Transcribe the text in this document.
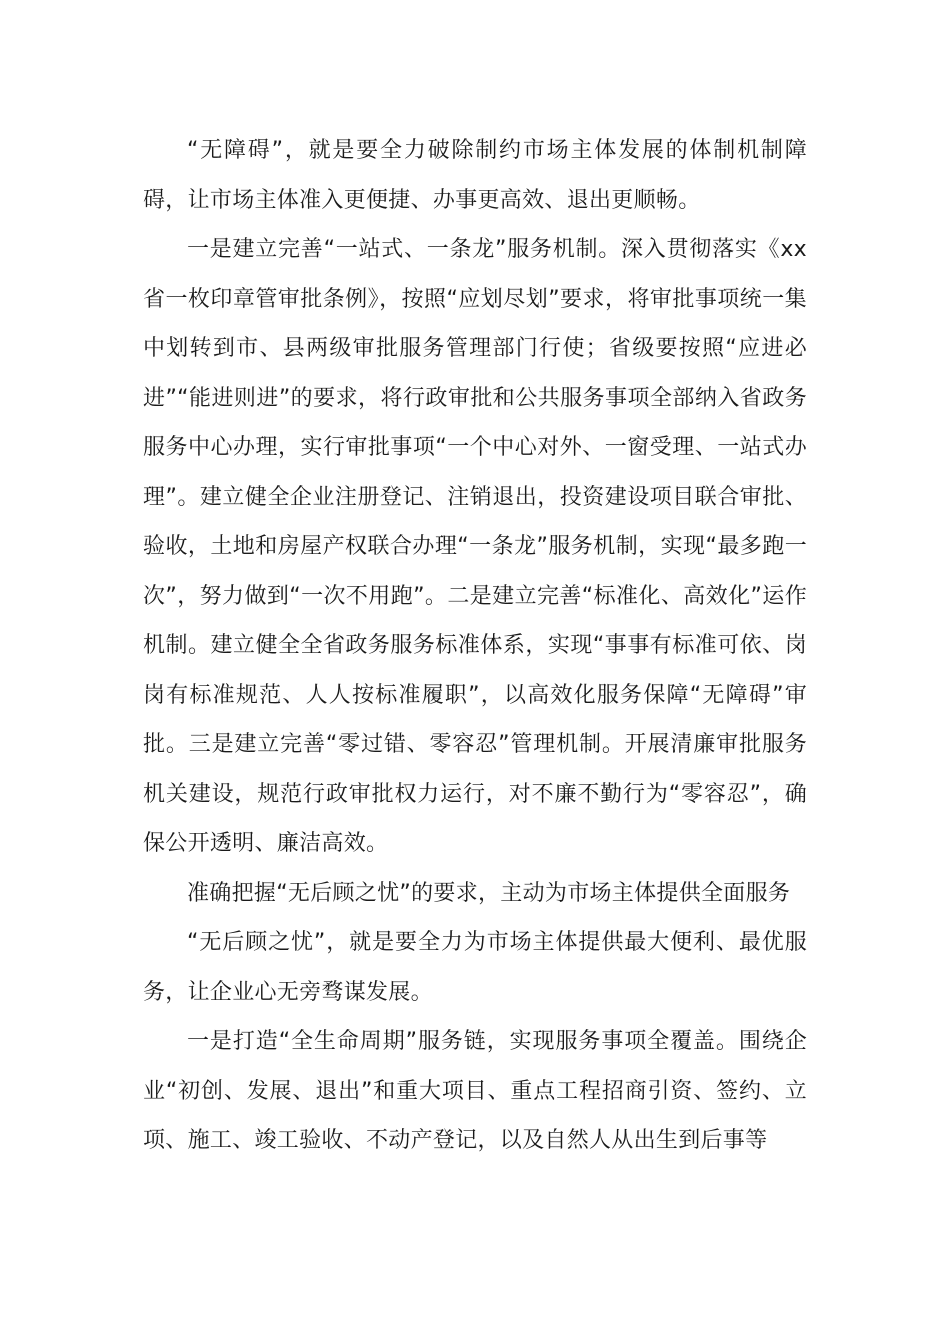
“无障碍”，就是要全力破除制约市场主体发展的体制机制障碍，让市场主体准入更便捷、办事更高效、退出更顺畅。

一是建立完善“一站式、一条龙”服务机制。深入贯彻落实《xx省一枚印章管审批条例》，按照“应划尽划”要求，将审批事项统一集中划转到市、县两级审批服务管理部门行使；省级要按照“应进必进”“能进则进”的要求，将行政审批和公共服务事项全部纳入省政务服务中心办理，实行审批事项“一个中心对外、一窗受理、一站式办理”。建立健全企业注册登记、注销退出，投资建设项目联合审批、验收，土地和房屋产权联合办理“一条龙”服务机制，实现“最多跑一次”，努力做到“一次不用跑”。二是建立完善“标准化、高效化”运作机制。建立健全全省政务服务标准体系，实现“事事有标准可依、岗岗有标准规范、人人按标准履职”，以高效化服务保障“无障碍”审批。三是建立完善“零过错、零容忍”管理机制。开展清廉审批服务机关建设，规范行政审批权力运行，对不廉不勤行为“零容忍”，确保公开透明、廉洁高效。

准确把握“无后顾之忧”的要求，主动为市场主体提供全面服务

“无后顾之忧”，就是要全力为市场主体提供最大便利、最优服务，让企业心无旁骛谋发展。

一是打造“全生命周期”服务链，实现服务事项全覆盖。围绕企业“初创、发展、退出”和重大项目、重点工程招商引资、签约、立项、施工、竣工验收、不动产登记，以及自然人从出生到后事等
